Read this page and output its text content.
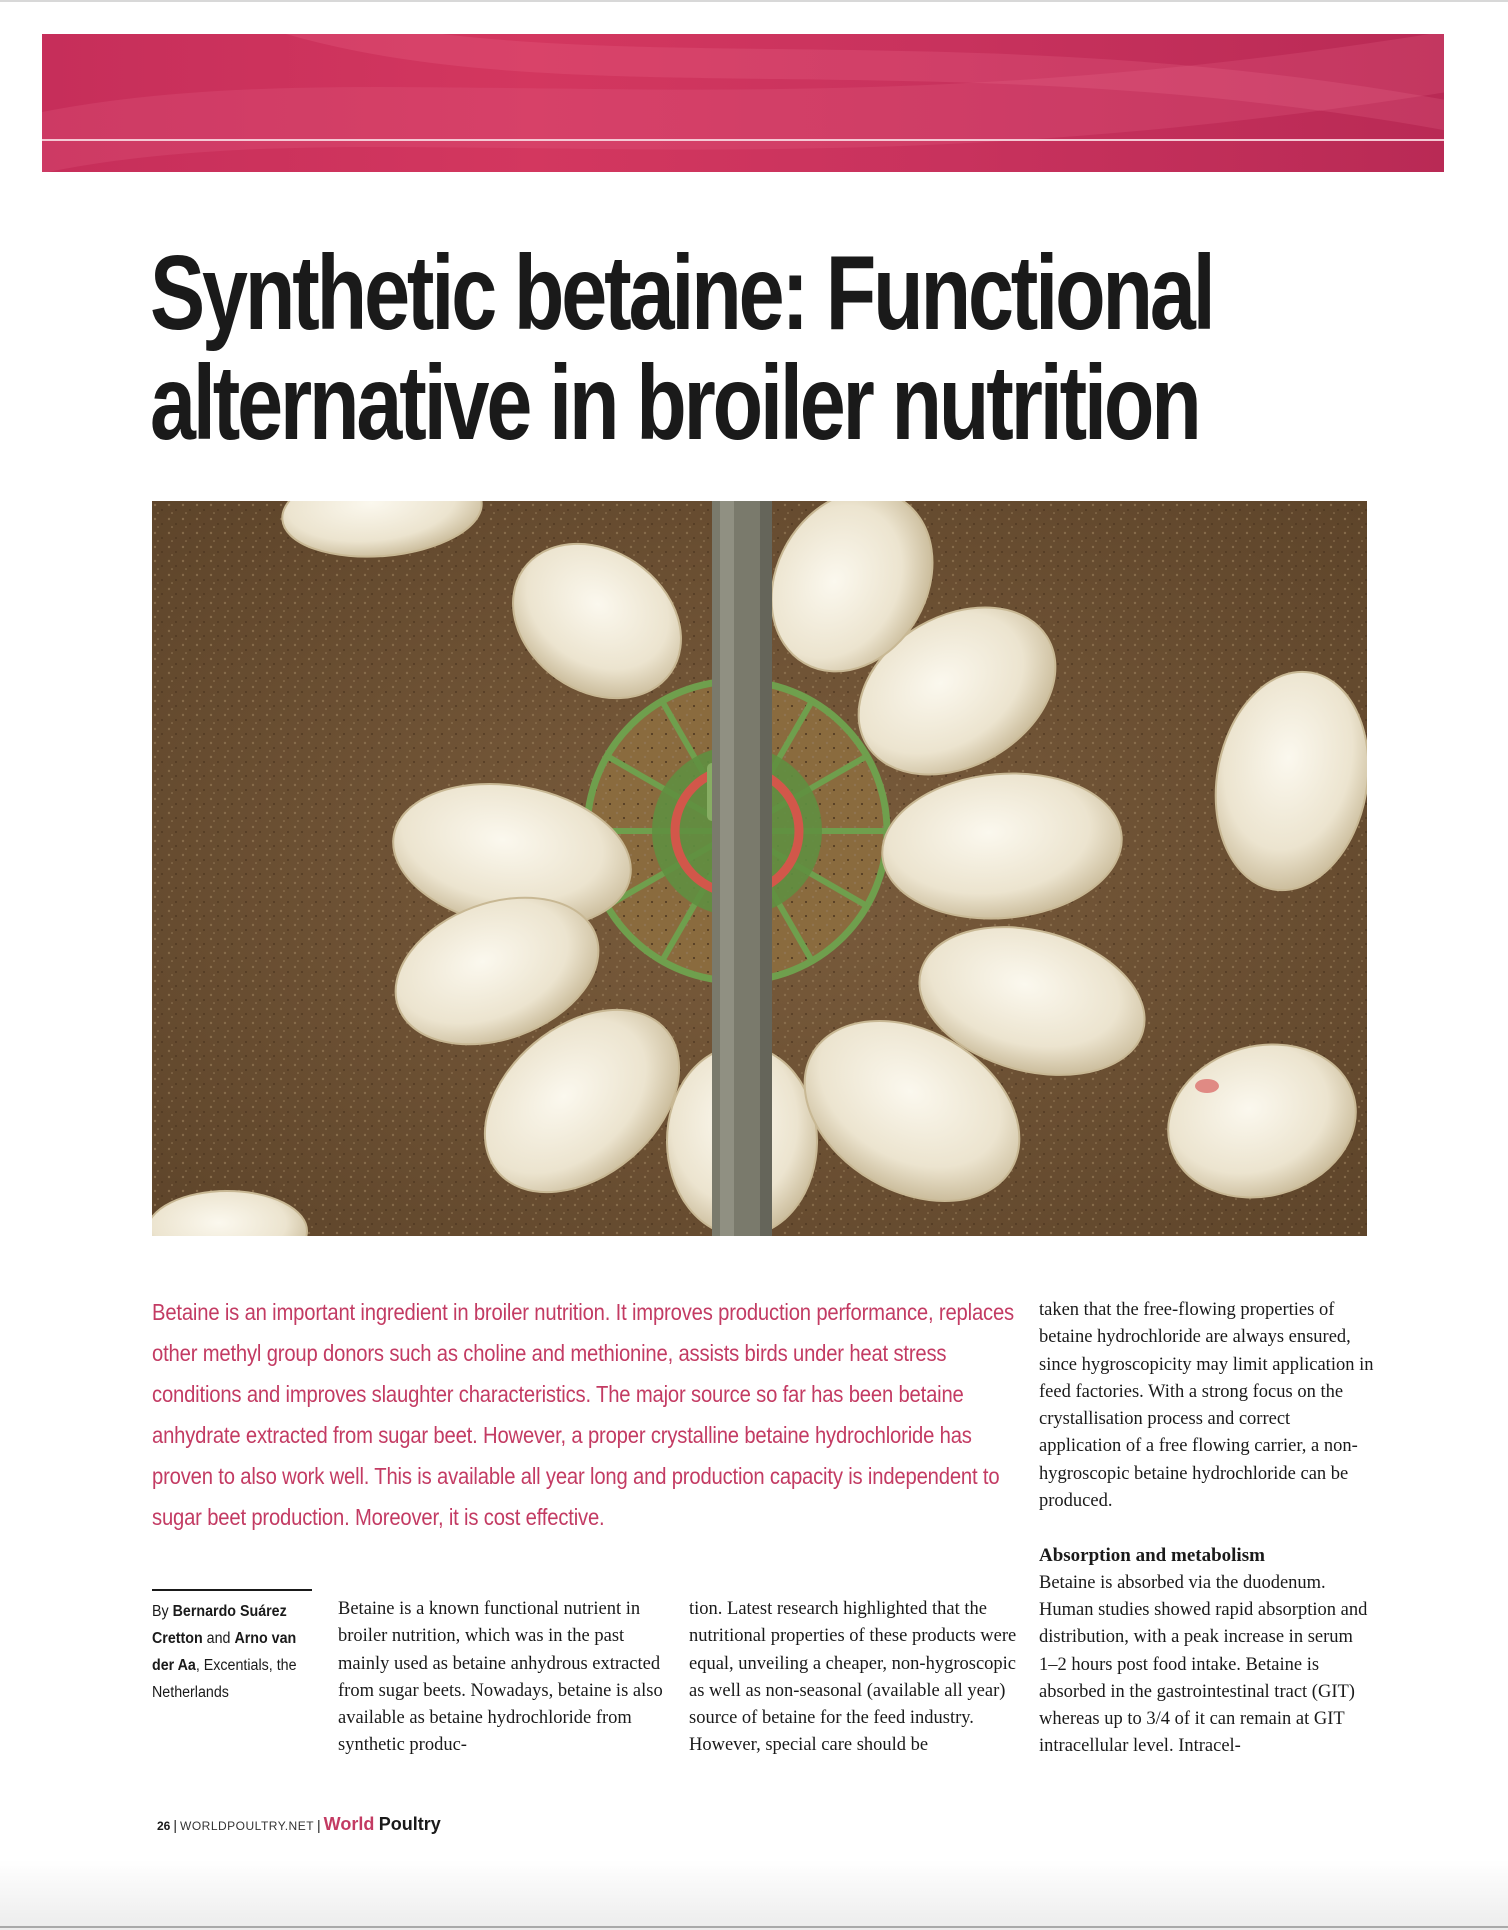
Synthetic betaine: Functional
alternative in broiler nutrition

Betaine is an important ingredient in broiler nutrition. It improves production performance, replaces other methyl group donors such as choline and methionine, assists birds under heat stress conditions and improves slaughter characteristics. The major source so far has been betaine anhydrate extracted from sugar beet. However, a proper crystalline betaine hydrochloride has proven to also work well. This is available all year long and production capacity is independent to sugar beet production. Moreover, it is cost effective.

By Bernardo Suárez Cretton and Arno van der Aa, Excentials, the Netherlands

Betaine is a known functional nutrient in broiler nutrition, which was in the past mainly used as betaine anhydrous extracted from sugar beets. Nowadays, betaine is also available as betaine hydrochloride from synthetic produc-

tion. Latest research highlighted that the nutritional properties of these products were equal, unveiling a cheaper, non-hygroscopic as well as non-seasonal (available all year) source of betaine for the feed industry. However, special care should be

taken that the free-flowing properties of betaine hydrochloride are always ensured, since hygroscopicity may limit application in feed factories. With a strong focus on the crystallisation process and correct application of a free flowing carrier, a non-hygroscopic betaine hydrochloride can be produced.
Absorption and metabolism
Betaine is absorbed via the duodenum. Human studies showed rapid absorption and distribution, with a peak increase in serum 1–2 hours post food intake. Betaine is absorbed in the gastrointestinal tract (GIT) whereas up to 3/4 of it can remain at GIT intracellular level. Intracel-
26 | WORLDPOULTRY.NET | World Poultry
